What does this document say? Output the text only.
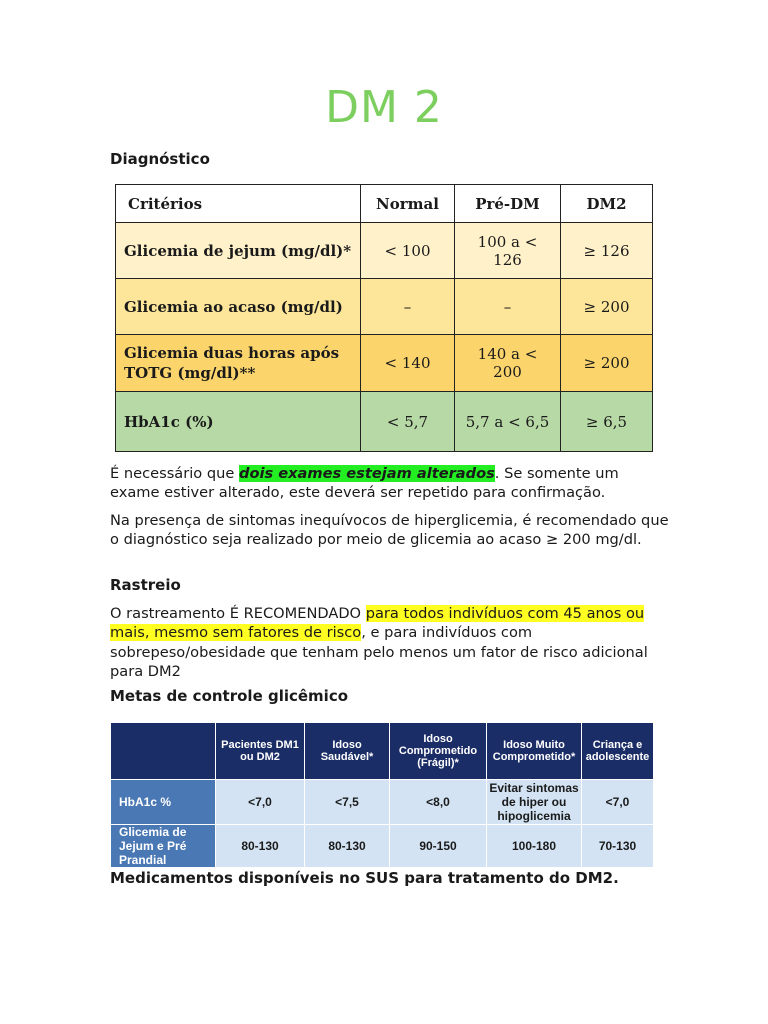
DM 2
Diagnóstico
Critérios	Normal	Pré-DM	DM2
Glicemia de jejum (mg/dl)*	< 100	100 a < 126	≥ 126
Glicemia ao acaso (mg/dl)	–	–	≥ 200
Glicemia duas horas após TOTG (mg/dl)**	< 140	140 a < 200	≥ 200
HbA1c (%)	< 5,7	5,7 a < 6,5	≥ 6,5
É necessário que dois exames estejam alterados. Se somente um exame estiver alterado, este deverá ser repetido para confirmação.
Na presença de sintomas inequívocos de hiperglicemia, é recomendado que o diagnóstico seja realizado por meio de glicemia ao acaso ≥ 200 mg/dl.
Rastreio
O rastreamento É RECOMENDADO para todos indivíduos com 45 anos ou mais, mesmo sem fatores de risco, e para indivíduos com sobrepeso/obesidade que tenham pelo menos um fator de risco adicional para DM2
Metas de controle glicêmico
	Pacientes DM1 ou DM2	Idoso Saudável*	Idoso Comprometido (Frágil)*	Idoso Muito Comprometido*	Criança e adolescente
HbA1c %	<7,0	<7,5	<8,0	Evitar sintomas de hiper ou hipoglicemia	<7,0
Glicemia de Jejum e Pré Prandial	80-130	80-130	90-150	100-180	70-130
Medicamentos disponíveis no SUS para tratamento do DM2.
